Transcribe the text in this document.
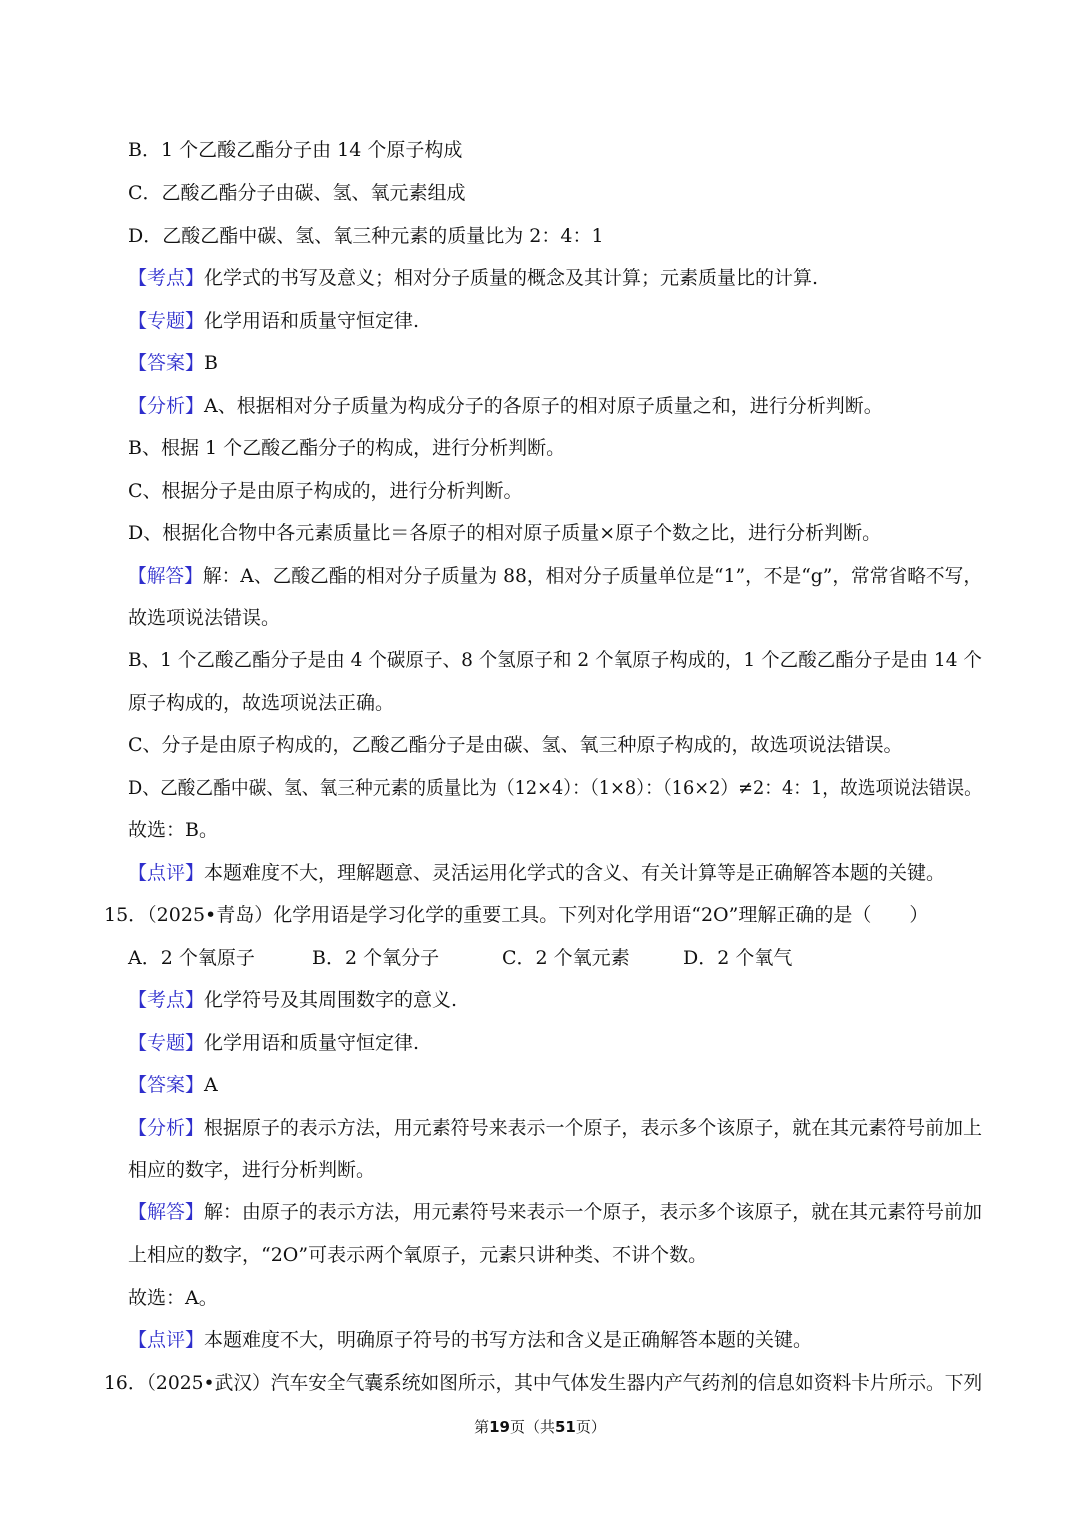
B．1 个乙酸乙酯分子由 14 个原子构成
C．乙酸乙酯分子由碳、氢、氧元素组成
D．乙酸乙酯中碳、氢、氧三种元素的质量比为 2：4：1
【考点】化学式的书写及意义；相对分子质量的概念及其计算；元素质量比的计算.
【专题】化学用语和质量守恒定律.
【答案】B
【分析】A、根据相对分子质量为构成分子的各原子的相对原子质量之和，进行分析判断。
B、根据 1 个乙酸乙酯分子的构成，进行分析判断。
C、根据分子是由原子构成的，进行分析判断。
D、根据化合物中各元素质量比＝各原子的相对原子质量×原子个数之比，进行分析判断。
【解答】解：A、乙酸乙酯的相对分子质量为 88，相对分子质量单位是“1”，不是“g”，常常省略不写，
故选项说法错误。
B、1 个乙酸乙酯分子是由 4 个碳原子、8 个氢原子和 2 个氧原子构成的，1 个乙酸乙酯分子是由 14 个
原子构成的，故选项说法正确。
C、分子是由原子构成的，乙酸乙酯分子是由碳、氢、氧三种原子构成的，故选项说法错误。
D、乙酸乙酯中碳、氢、氧三种元素的质量比为（12×4）：（1×8）：（16×2）≠2：4：1，故选项说法错误。
故选：B。
【点评】本题难度不大，理解题意、灵活运用化学式的含义、有关计算等是正确解答本题的关键。
15．（2025•青岛）化学用语是学习化学的重要工具。下列对化学用语“2O”理解正确的是（　　）
A．2 个氧原子	B．2 个氧分子	C．2 个氧元素	D．2 个氧气
【考点】化学符号及其周围数字的意义.
【专题】化学用语和质量守恒定律.
【答案】A
【分析】根据原子的表示方法，用元素符号来表示一个原子，表示多个该原子，就在其元素符号前加上
相应的数字，进行分析判断。
【解答】解：由原子的表示方法，用元素符号来表示一个原子，表示多个该原子，就在其元素符号前加
上相应的数字，“2O”可表示两个氧原子，元素只讲种类、不讲个数。
故选：A。
【点评】本题难度不大，明确原子符号的书写方法和含义是正确解答本题的关键。
16．（2025•武汉）汽车安全气囊系统如图所示，其中气体发生器内产气药剂的信息如资料卡片所示。下列
第19页（共51页）
